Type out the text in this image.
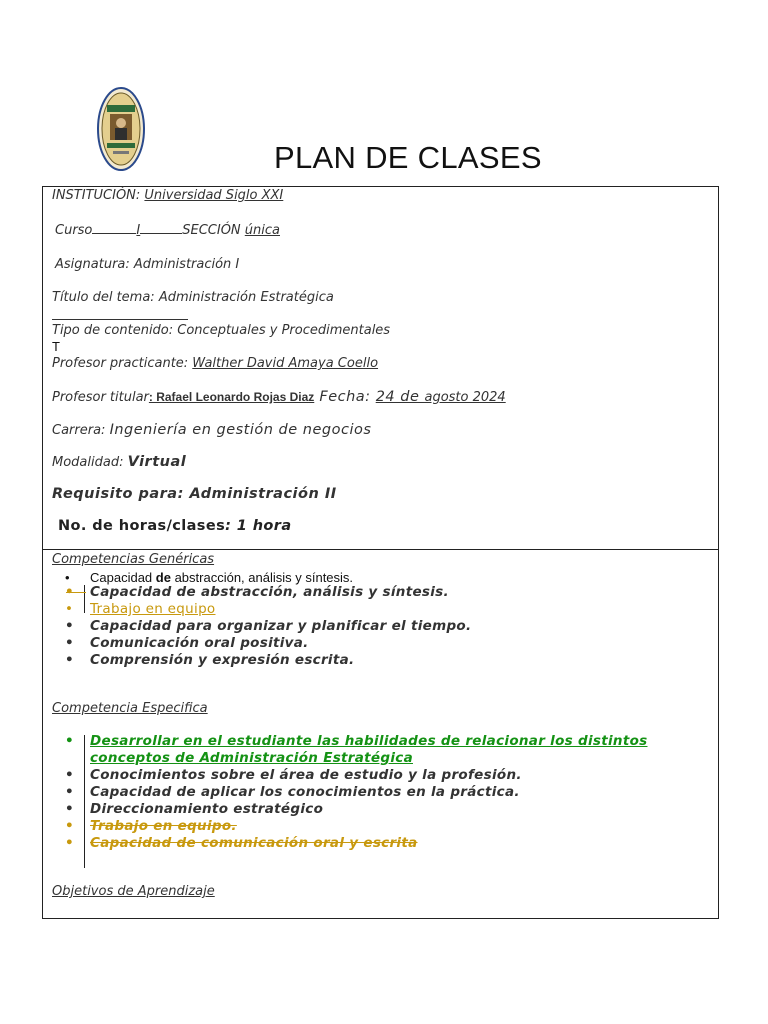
PLAN DE CLASES
INSTITUCIÓN: Universidad Siglo XXI
Curso	I	SECCIÓN única
Asignatura: Administración I
Título del tema: Administración Estratégica
Tipo de contenido: Conceptuales y Procedimentales
T
Profesor practicante: Walther David Amaya Coello
Profesor titular: Rafael Leonardo Rojas Diaz Fecha: 24 de agosto 2024
Carrera: Ingeniería en gestión de negocios
Modalidad: Virtual
Requisito para: Administración II
No. de horas/clases: 1 hora
Competencias Genéricas
• Capacidad de abstracción, análisis y síntesis.
• Capacidad de abstracción, análisis y síntesis.
• Trabajo en equipo
• Capacidad para organizar y planificar el tiempo.
• Comunicación oral positiva.
• Comprensión y expresión escrita.
Competencia Especifica
• Desarrollar en el estudiante las habilidades de relacionar los distintos
conceptos de Administración Estratégica
• Conocimientos sobre el área de estudio y la profesión.
• Capacidad de aplicar los conocimientos en la práctica.
• Direccionamiento estratégico
• Trabajo en equipo.
• Capacidad de comunicación oral y escrita
Objetivos de Aprendizaje
